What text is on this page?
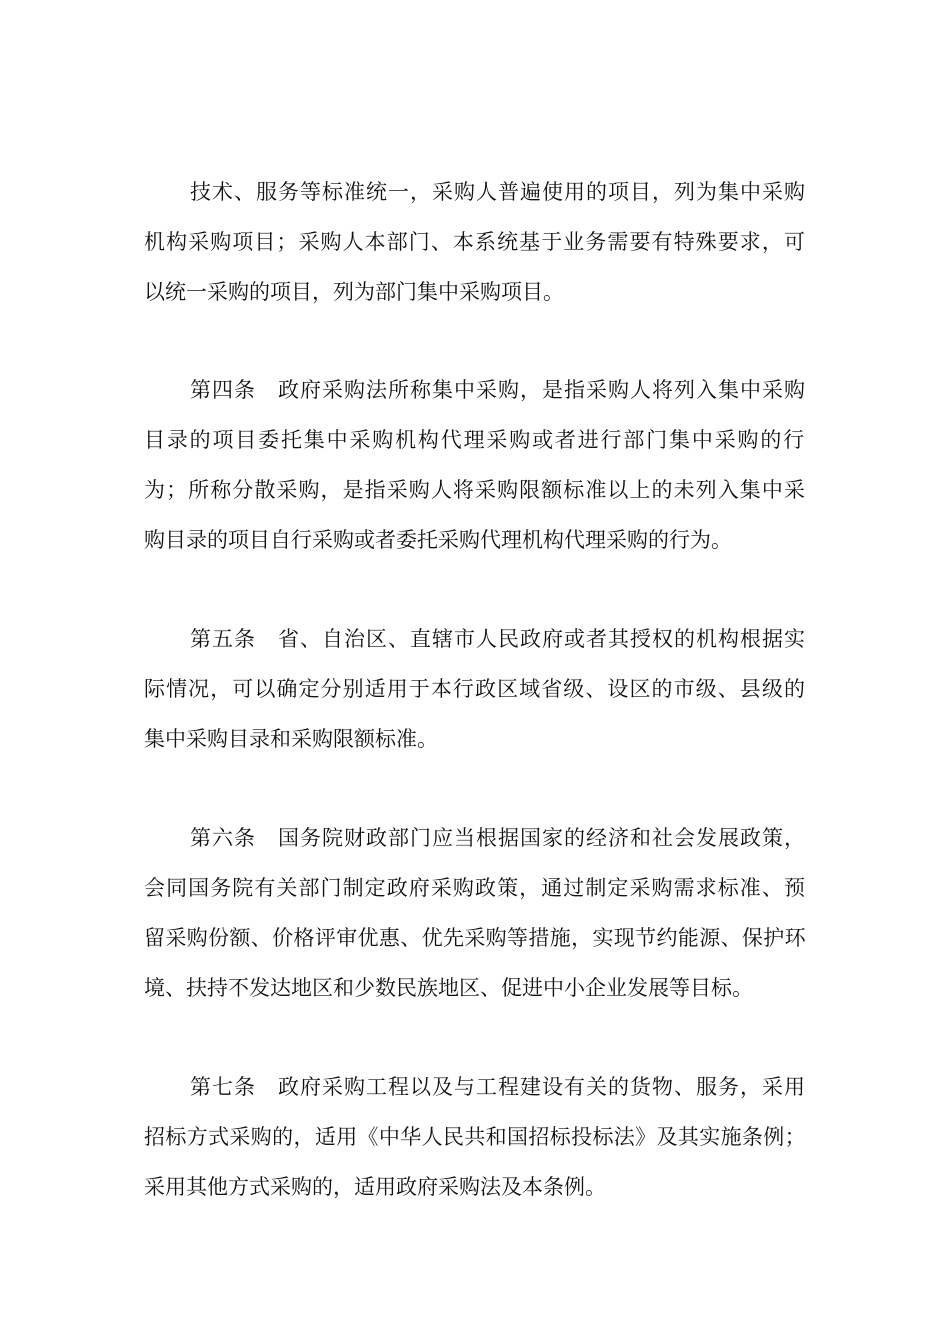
技术、服务等标准统一，采购人普遍使用的项目，列为集中采购
机构采购项目；采购人本部门、本系统基于业务需要有特殊要求，可
以统一采购的项目，列为部门集中采购项目。
第四条　政府采购法所称集中采购，是指采购人将列入集中采购
目录的项目委托集中采购机构代理采购或者进行部门集中采购的行
为；所称分散采购，是指采购人将采购限额标准以上的未列入集中采
购目录的项目自行采购或者委托采购代理机构代理采购的行为。
第五条　省、自治区、直辖市人民政府或者其授权的机构根据实
际情况，可以确定分别适用于本行政区域省级、设区的市级、县级的
集中采购目录和采购限额标准。
第六条　国务院财政部门应当根据国家的经济和社会发展政策，
会同国务院有关部门制定政府采购政策，通过制定采购需求标准、预
留采购份额、价格评审优惠、优先采购等措施，实现节约能源、保护环
境、扶持不发达地区和少数民族地区、促进中小企业发展等目标。
第七条　政府采购工程以及与工程建设有关的货物、服务，采用
招标方式采购的，适用《中华人民共和国招标投标法》及其实施条例；
采用其他方式采购的，适用政府采购法及本条例。
